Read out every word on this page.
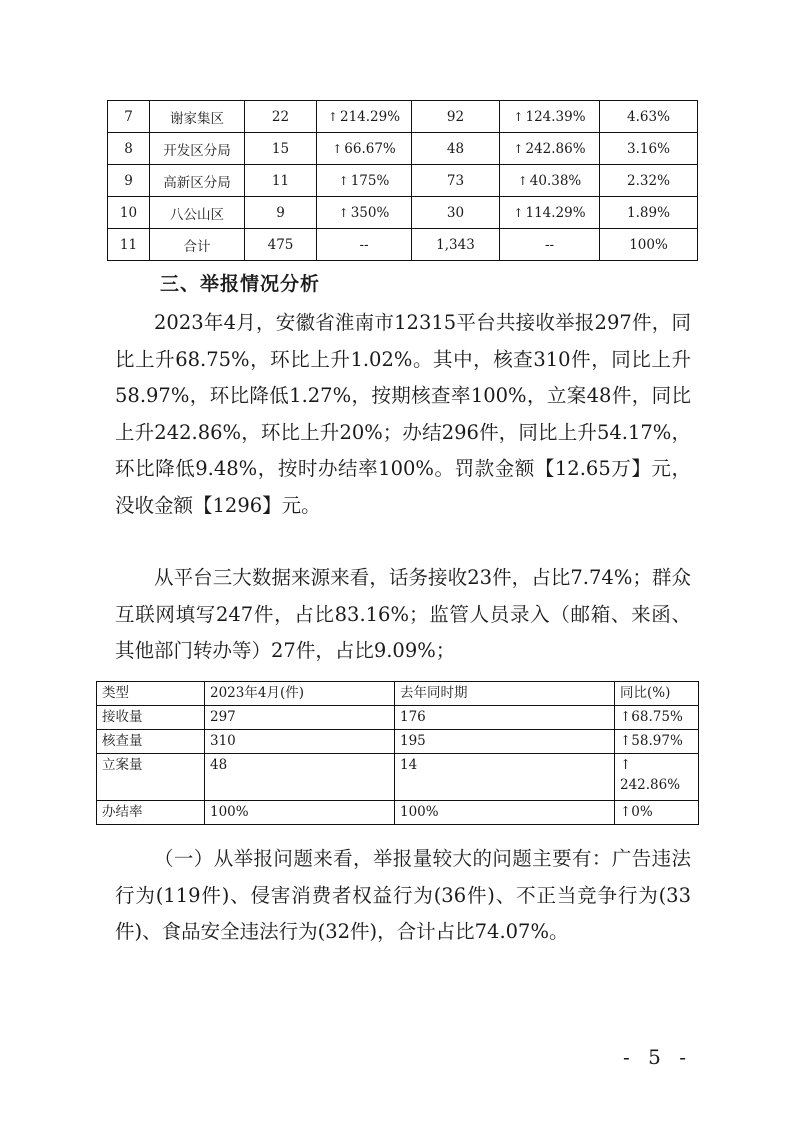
7	谢家集区	22	↑ 214.29%	92	↑ 124.39%	4.63%
8	开发区分局	15	↑ 66.67%	48	↑ 242.86%	3.16%
9	高新区分局	11	↑ 175%	73	↑ 40.38%	2.32%
10	八公山区	9	↑ 350%	30	↑ 114.29%	1.89%
11	合计	475	--	1,343	--	100%
三、举报情况分析

2023年4月，安徽省淮南市12315平台共接收举报297件，同比上升68.75%，环比上升1.02%。其中，核查310件，同比上升58.97%，环比降低1.27%，按期核查率100%，立案48件，同比上升242.86%，环比上升20%；办结296件，同比上升54.17%，环比降低9.48%，按时办结率100%。罚款金额【12.65万】元，没收金额【1296】元。

从平台三大数据来源来看，话务接收23件，占比7.74%；群众互联网填写247件，占比83.16%；监管人员录入（邮箱、来函、其他部门转办等）27件，占比9.09%；

类型	2023年4月(件)	去年同时期	同比(%)
接收量	297	176	↑68.75%
核查量	310	195	↑58.97%
立案量	48	14	↑ 242.86%
办结率	100%	100%	↑0%

（一）从举报问题来看，举报量较大的问题主要有：广告违法行为(119件)、侵害消费者权益行为(36件)、不正当竞争行为(33件)、食品安全违法行为(32件)，合计占比74.07%。

- 5 -
